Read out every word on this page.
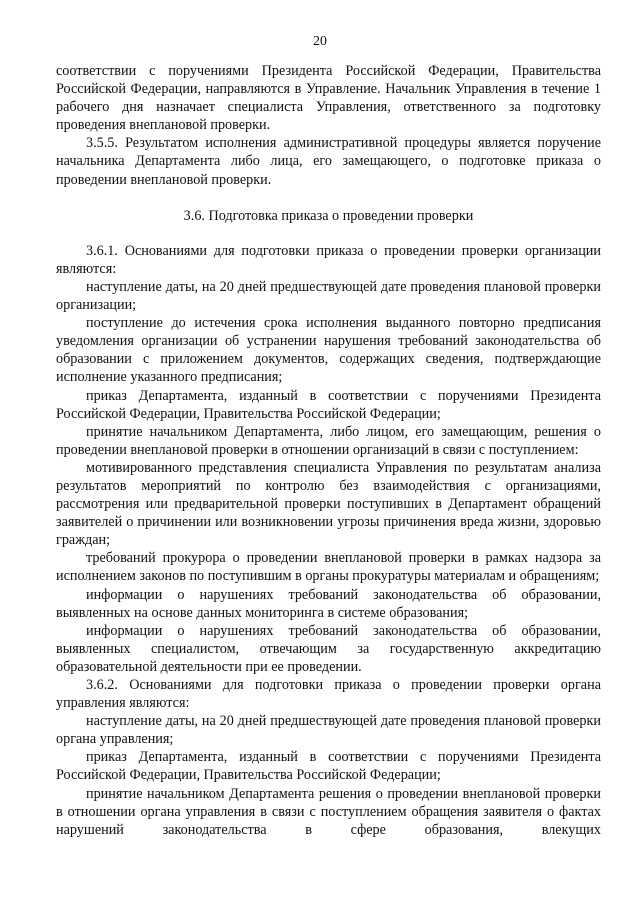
20

соответствии с поручениями Президента Российской Федерации, Правительства Российской Федерации, направляются в Управление. Начальник Управления в течение 1 рабочего дня назначает специалиста Управления, ответственного за подготовку проведения внеплановой проверки.

3.5.5. Результатом исполнения административной процедуры является поручение начальника Департамента либо лица, его замещающего, о подготовке приказа о проведении внеплановой проверки.

3.6. Подготовка приказа о проведении проверки

3.6.1. Основаниями для подготовки приказа о проведении проверки организации являются:

наступление даты, на 20 дней предшествующей дате проведения плановой проверки организации;

поступление до истечения срока исполнения выданного повторно предписания уведомления организации об устранении нарушения требований законодательства об образовании с приложением документов, содержащих сведения, подтверждающие исполнение указанного предписания;

приказ Департамента, изданный в соответствии с поручениями Президента Российской Федерации, Правительства Российской Федерации;

принятие начальником Департамента, либо лицом, его замещающим, решения о проведении внеплановой проверки в отношении организаций в связи с поступлением:

мотивированного представления специалиста Управления по результатам анализа результатов мероприятий по контролю без взаимодействия с организациями, рассмотрения или предварительной проверки поступивших в Департамент обращений заявителей о причинении или возникновении угрозы причинения вреда жизни, здоровью граждан;

требований прокурора о проведении внеплановой проверки в рамках надзора за исполнением законов по поступившим в органы прокуратуры материалам и обращениям;

информации о нарушениях требований законодательства об образовании, выявленных на основе данных мониторинга в системе образования;

информации о нарушениях требований законодательства об образовании, выявленных специалистом, отвечающим за государственную аккредитацию образовательной деятельности при ее проведении.

3.6.2. Основаниями для подготовки приказа о проведении проверки органа управления являются:

наступление даты, на 20 дней предшествующей дате проведения плановой проверки органа управления;

приказ Департамента, изданный в соответствии с поручениями Президента Российской Федерации, Правительства Российской Федерации;

принятие начальником Департамента решения о проведении внеплановой проверки в отношении органа управления в связи с поступлением обращения заявителя о фактах нарушений законодательства в сфере образования, влекущих
